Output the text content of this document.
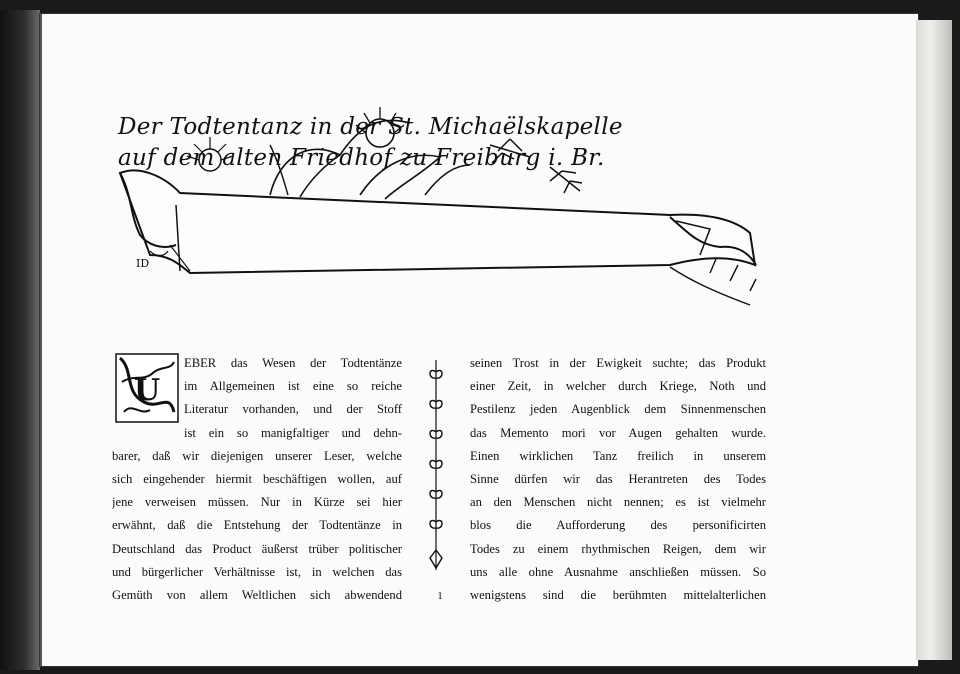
ID
Der Todtentanz in der St. Michaëlskapelle
auf dem alten Friedhof zu Freiburg i. Br.
U
EBER das Wesen der Todtentänze
im Allgemeinen ist eine so reiche
Literatur vorhanden, und der Stoff
ist ein so manigfaltiger und dehn-
barer, daß wir diejenigen unserer Leser, welche
sich eingehender hiermit beschäftigen wollen, auf
jene verweisen müssen. Nur in Kürze sei hier
erwähnt, daß die Entstehung der Todtentänze in
Deutschland das Product äußerst trüber politischer
und bürgerlicher Verhältnisse ist, in welchen das
Gemüth von allem Weltlichen sich abwendend
seinen Trost in der Ewigkeit suchte; das Produkt
einer Zeit, in welcher durch Kriege, Noth und
Pestilenz jeden Augenblick dem Sinnenmenschen
das Memento mori vor Augen gehalten wurde.
Einen wirklichen Tanz freilich in unserem
Sinne dürfen wir das Herantreten des Todes
an den Menschen nicht nennen; es ist vielmehr
blos die Aufforderung des personificirten
Todes zu einem rhythmischen Reigen, dem wir
uns alle ohne Ausnahme anschließen müssen. So
wenigstens sind die berühmten mittelalterlichen
1
